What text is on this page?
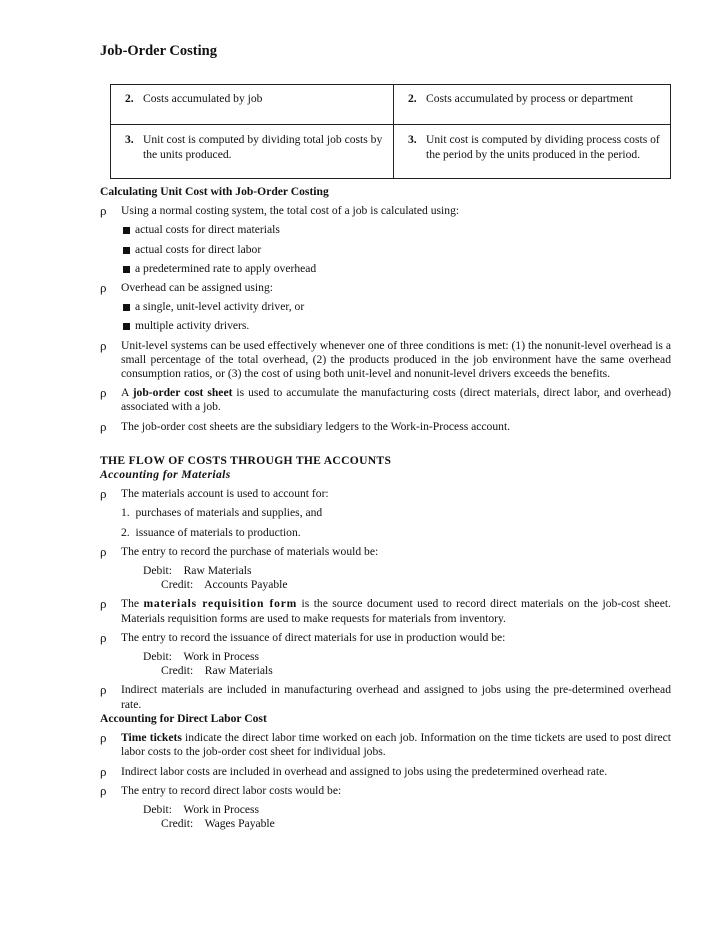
Job-Order Costing
2. Costs accumulated by job	2. Costs accumulated by process or department

3. Unit cost is computed by dividing total job costs by the units produced.	3. Unit cost is computed by dividing process costs of the period by the units produced in the period.
Calculating Unit Cost with Job-Order Costing
ρ Using a normal costing system, the total cost of a job is calculated using:
actual costs for direct materials
actual costs for direct labor
a predetermined rate to apply overhead
ρ Overhead can be assigned using:
a single, unit-level activity driver, or
multiple activity drivers.
ρ Unit-level systems can be used effectively whenever one of three conditions is met: (1) the nonunit-level overhead is a small percentage of the total overhead, (2) the products produced in the job environment have the same overhead consumption ratios, or (3) the cost of using both unit-level and nonunit-level drivers exceeds the benefits.
ρ A job-order cost sheet is used to accumulate the manufacturing costs (direct materials, direct labor, and overhead) associated with a job.
ρ The job-order cost sheets are the subsidiary ledgers to the Work-in-Process account.
THE FLOW OF COSTS THROUGH THE ACCOUNTS
Accounting for Materials
ρ The materials account is used to account for:
1.  purchases of materials and supplies, and
2.  issuance of materials to production.
ρ The entry to record the purchase of materials would be:
Debit:    Raw Materials
Credit:    Accounts Payable
ρ The materials requisition form is the source document used to record direct materials on the job-cost sheet. Materials requisition forms are used to make requests for materials from inventory.
ρ The entry to record the issuance of direct materials for use in production would be:
Debit:    Work in Process
Credit:    Raw Materials
ρ Indirect materials are included in manufacturing overhead and assigned to jobs using the pre-determined overhead rate.
Accounting for Direct Labor Cost
ρ Time tickets indicate the direct labor time worked on each job. Information on the time tickets are used to post direct labor costs to the job-order cost sheet for individual jobs.
ρ Indirect labor costs are included in overhead and assigned to jobs using the predetermined overhead rate.
ρ The entry to record direct labor costs would be:
Debit:    Work in Process
Credit:    Wages Payable
